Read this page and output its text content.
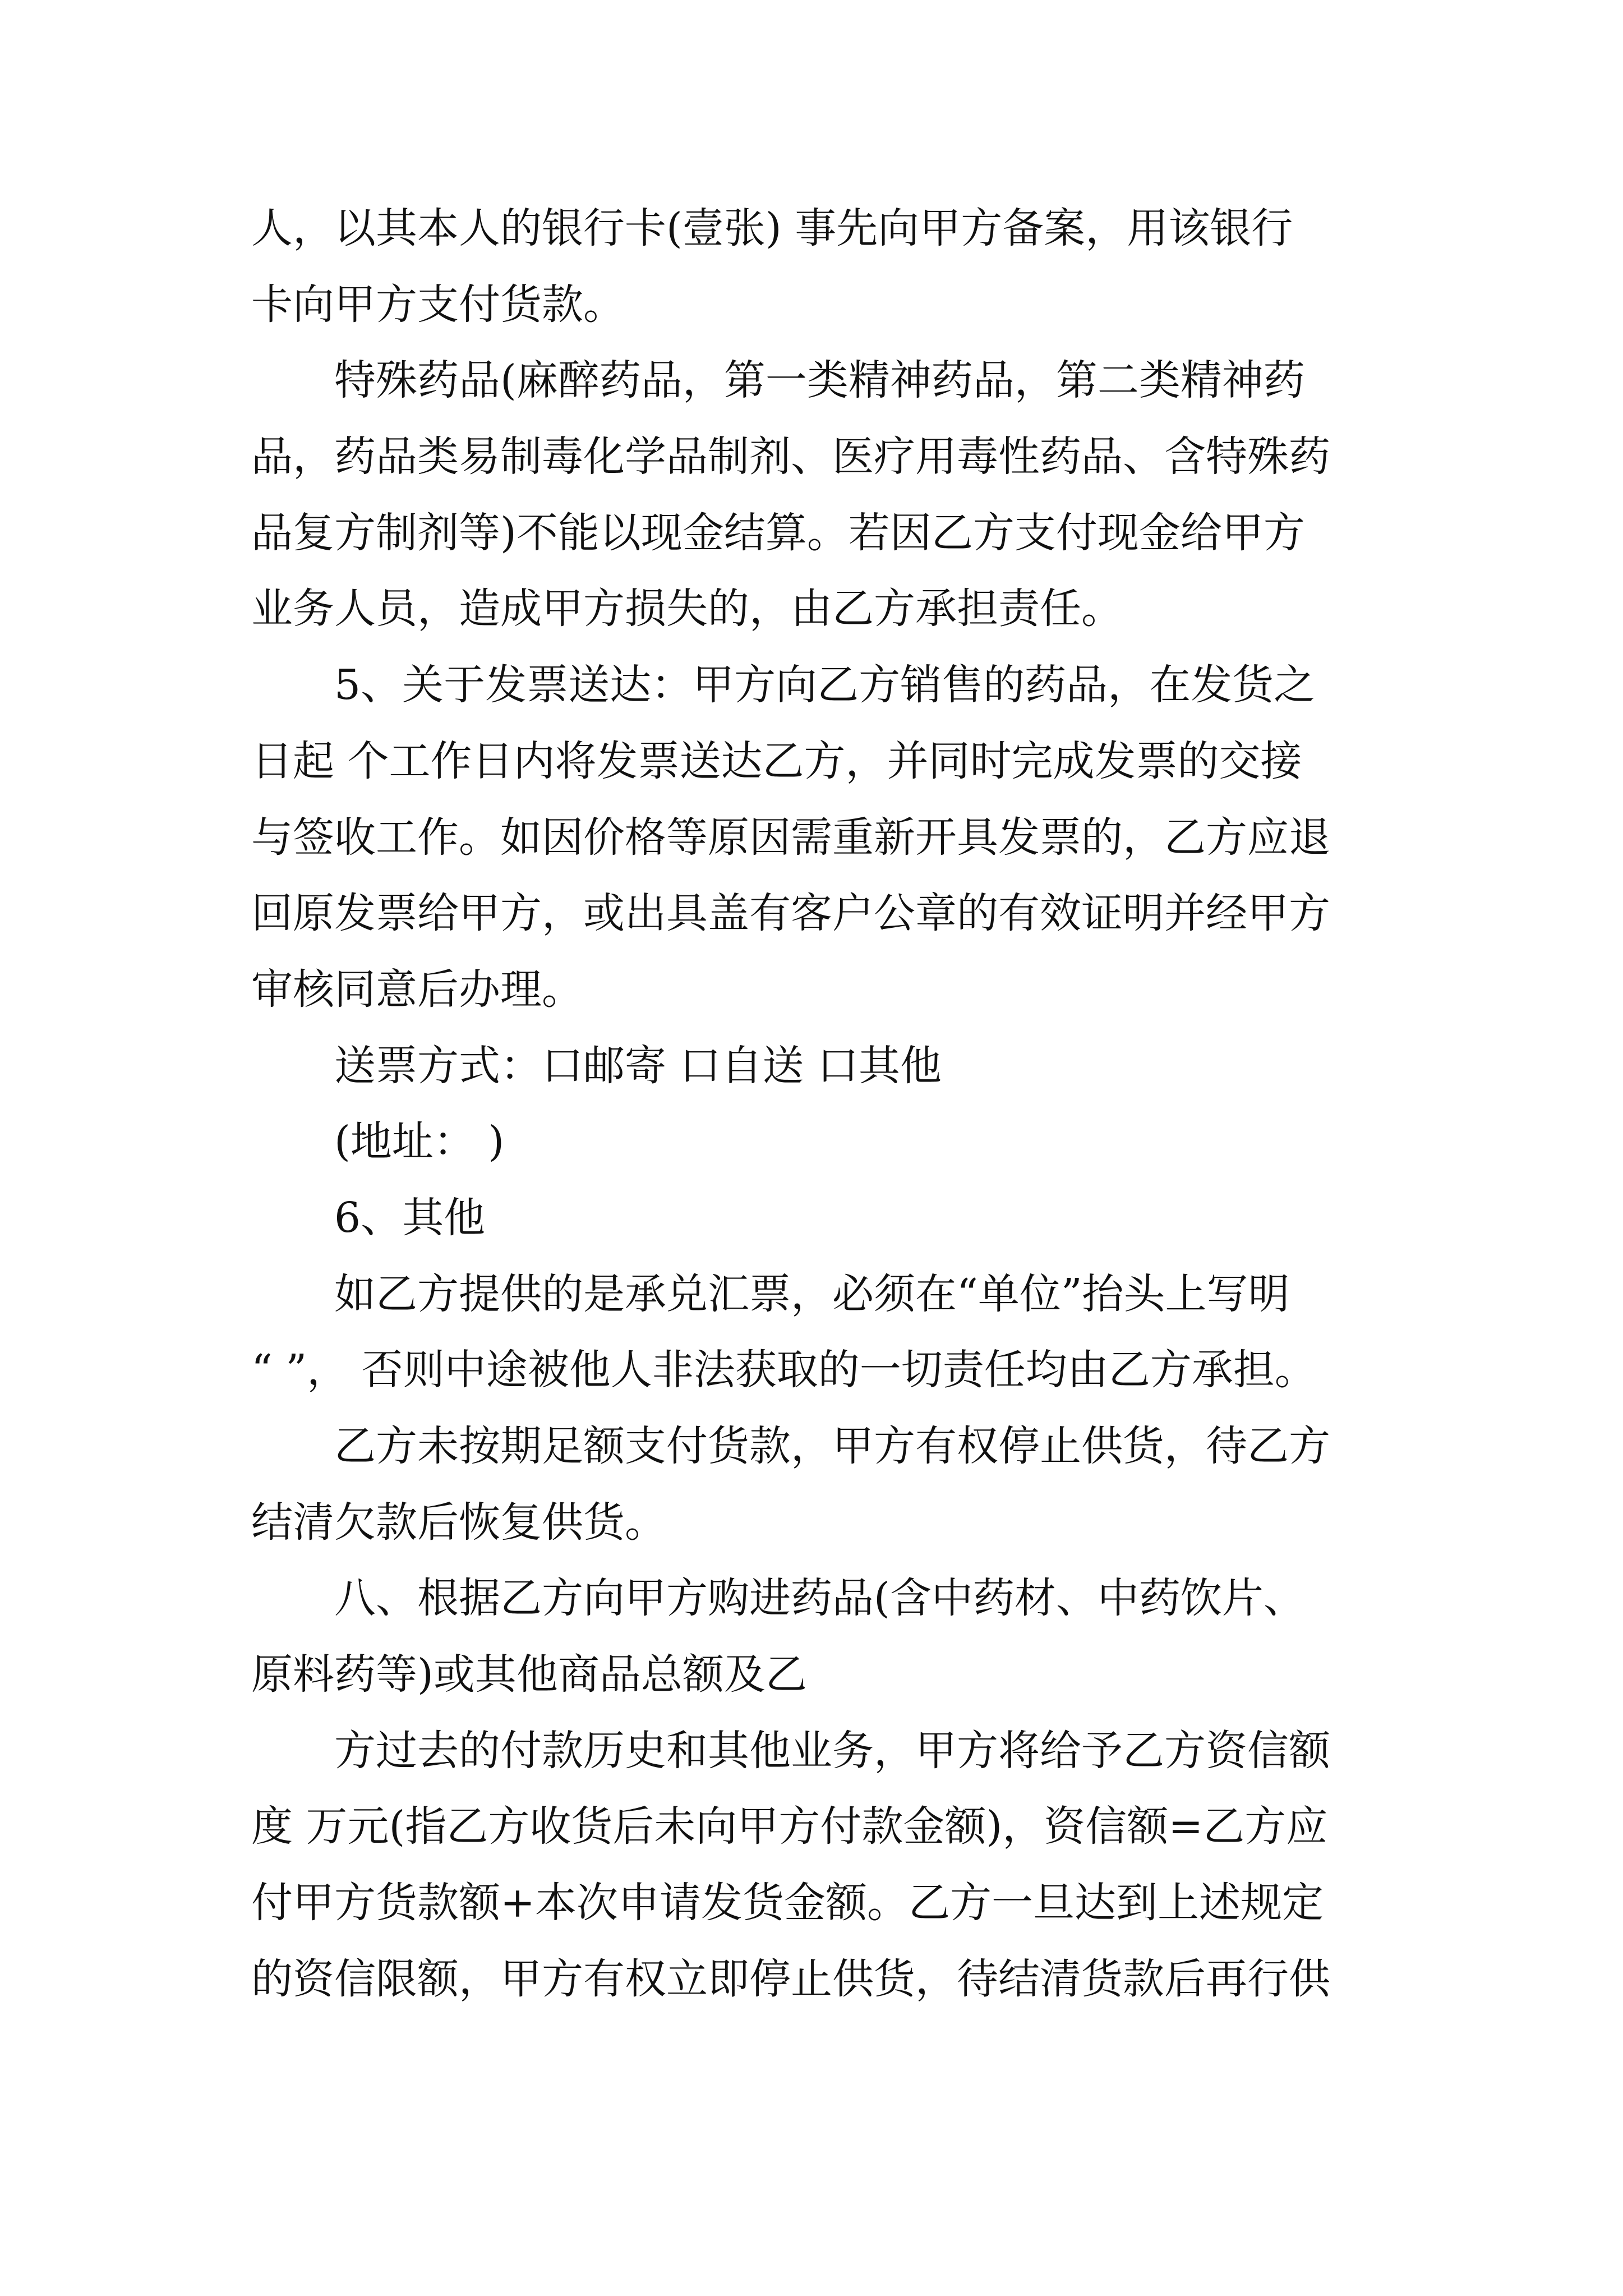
人，以其本人的银行卡(壹张) 事先向甲方备案，用该银行
卡向甲方支付货款。
特殊药品(麻醉药品，第一类精神药品，第二类精神药
品，药品类易制毒化学品制剂、医疗用毒性药品、含特殊药
品复方制剂等)不能以现金结算。若因乙方支付现金给甲方
业务人员，造成甲方损失的，由乙方承担责任。
5、关于发票送达：甲方向乙方销售的药品，在发货之
日起 个工作日内将发票送达乙方，并同时完成发票的交接
与签收工作。如因价格等原因需重新开具发票的，乙方应退
回原发票给甲方，或出具盖有客户公章的有效证明并经甲方
审核同意后办理。
送票方式：口邮寄 口自送 口其他
(地址： )
6、其他
如乙方提供的是承兑汇票，必须在“单位”抬头上写明
“ ”， 否则中途被他人非法获取的一切责任均由乙方承担。
乙方未按期足额支付货款，甲方有权停止供货，待乙方
结清欠款后恢复供货。
八、根据乙方向甲方购进药品(含中药材、中药饮片、
原料药等)或其他商品总额及乙
方过去的付款历史和其他业务，甲方将给予乙方资信额
度 万元(指乙方收货后未向甲方付款金额)，资信额=乙方应
付甲方货款额+本次申请发货金额。乙方一旦达到上述规定
的资信限额，甲方有权立即停止供货，待结清货款后再行供
